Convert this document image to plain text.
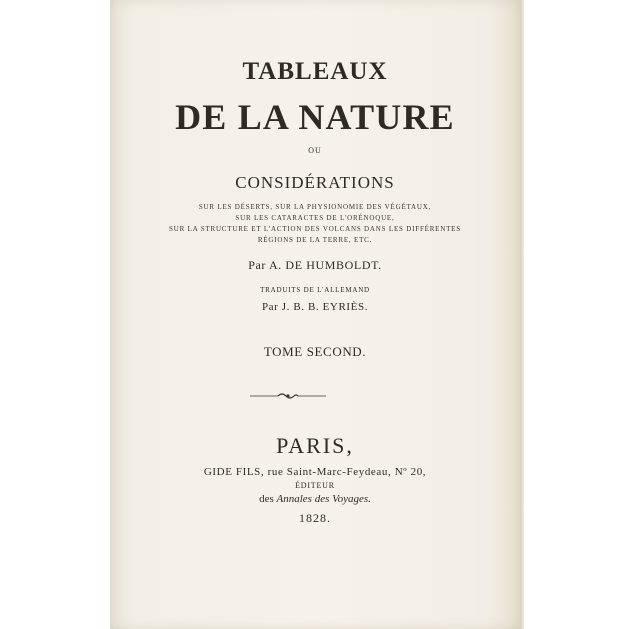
TABLEAUX
DE LA NATURE
OU
CONSIDÉRATIONS
SUR LES DÉSERTS, SUR LA PHYSIONOMIE DES VÉGÉTAUX,
SUR LES CATARACTES DE L'ORÉNOQUE,
SUR LA STRUCTURE ET L'ACTION DES VOLCANS DANS LES DIFFÉRENTES
RÉGIONS DE LA TERRE, ETC.
Par A. DE HUMBOLDT.
TRADUITS DE L'ALLEMAND
Par J. B. B. EYRIÈS.
TOME SECOND.
PARIS,
GIDE FILS, rue Saint-Marc-Feydeau, Nº 20,
ÉDITEUR
des Annales des Voyages.
1828.
